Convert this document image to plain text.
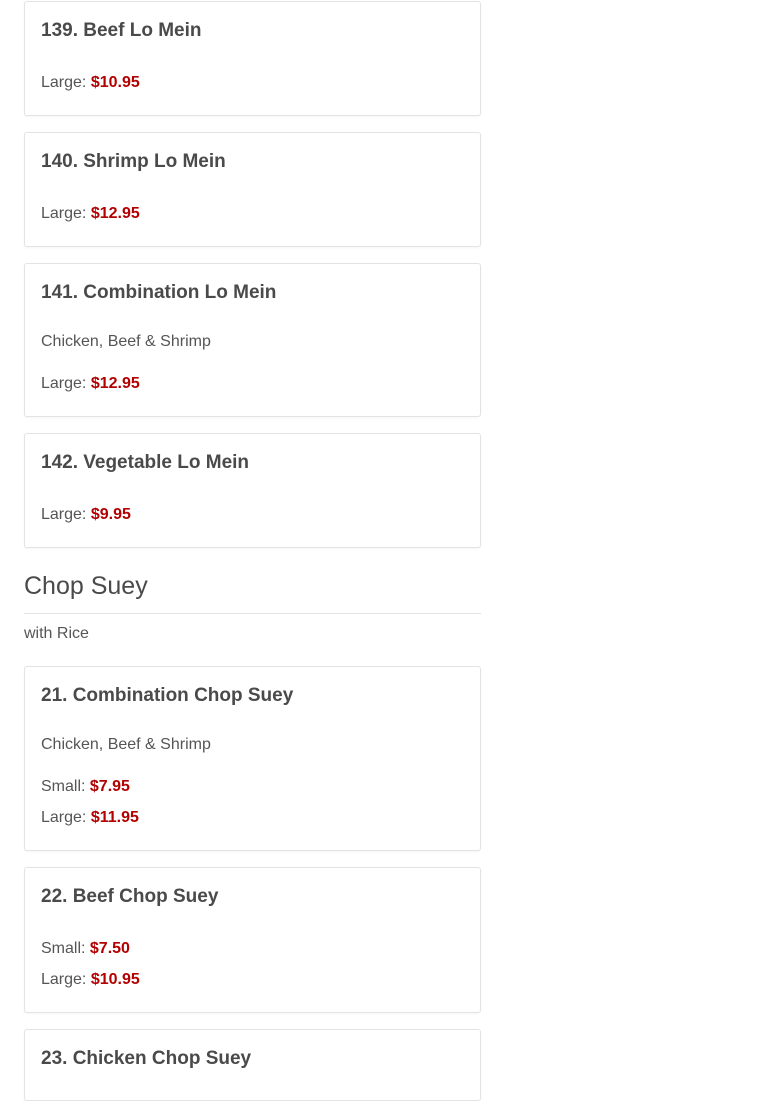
139. Beef Lo Mein
Large: $10.95
140. Shrimp Lo Mein
Large: $12.95
141. Combination Lo Mein
Chicken, Beef & Shrimp
Large: $12.95
142. Vegetable Lo Mein
Large: $9.95
Chop Suey
with Rice
21. Combination Chop Suey
Chicken, Beef & Shrimp
Small: $7.95
Large: $11.95
22. Beef Chop Suey
Small: $7.50
Large: $10.95
23. Chicken Chop Suey
